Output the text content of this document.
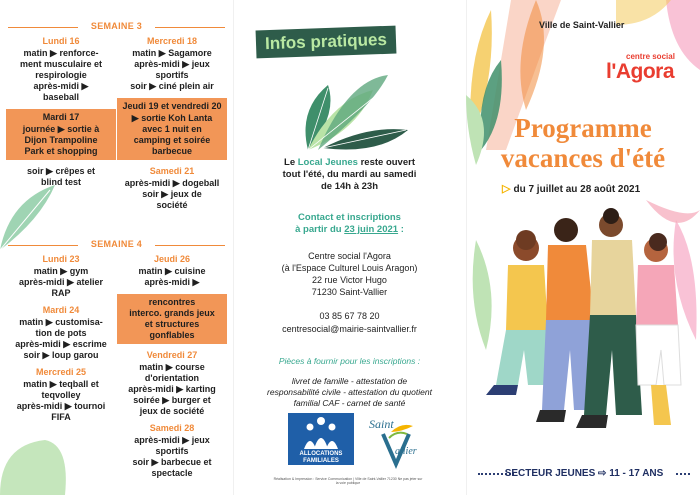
SEMAINE 3
Lundi 16
matin ▶ renforce-
ment musculaire et
respirologie
après-midi ▶
baseball
Mardi 17
journée ▶ sortie à
Dijon Trampoline
Park et shopping
soir ▶ crêpes et
blind test
Mercredi 18
matin ▶ Sagamore
après-midi ▶ jeux
sportifs
soir ▶ ciné plein air
Jeudi 19 et vendredi 20
▶ sortie Koh Lanta
avec 1 nuit en
camping et soirée
barbecue
Samedi 21
après-midi ▶ dogeball
soir ▶ jeux de
société
SEMAINE 4
Lundi 23
matin ▶ gym
après-midi ▶ atelier
RAP
Mardi 24
matin ▶ customisa-
tion de pots
après-midi ▶ escrime
soir ▶ loup garou
Mercredi 25
matin ▶ teqball et
teqvolley
après-midi ▶ tournoi
FIFA
Jeudi 26
matin ▶ cuisine
après-midi ▶
rencontres
interco. grands jeux
et structures
gonflables
Vendredi 27
matin ▶ course
d'orientation
après-midi ▶ karting
soirée ▶ burger et
jeux de société
Samedi 28
après-midi ▶ jeux
sportifs
soir ▶ barbecue et
spectacle
Infos pratiques
Le Local Jeunes reste ouvert
tout l'été, du mardi au samedi
de 14h à 23h
Contact et inscriptions
à partir du 23 juin 2021 :
Centre social l'Agora
(à l'Espace Culturel Louis Aragon)
22 rue Victor Hugo
71230 Saint-Vallier
03 85 67 78 20
centresocial@mairie-saintvallier.fr
Pièces à fournir pour les inscriptions :
livret de famille - attestation de
responsabilité civile - attestation du quotient
familial CAF - carnet de santé
ALLOCATIONS FAMILIALES
Saint
allier
Réalisation & Impression : Service Communication | Ville de Saint-Vallier 71230 Ne pas jeter sur la voie publique
Ville de Saint-Vallier
centre social
l'Agora
Programme
vacances d'été
▷ du 7 juillet au 28 août 2021
SECTEUR JEUNES ⇨ 11 - 17 ANS
